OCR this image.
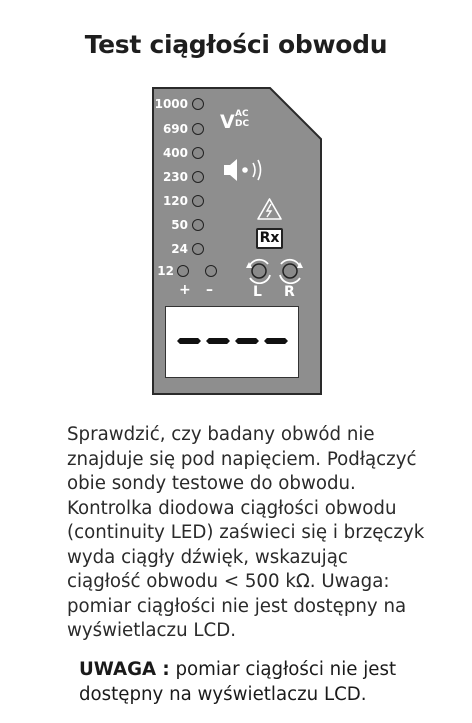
Test ciągłości obwodu
1000
690
400
230
120
50
24
12
+ –
V AC
DC
Rx
L R
Sprawdzić, czy badany obwód nie
znajduje się pod napięciem. Podłączyć
obie sondy testowe do obwodu.
Kontrolka diodowa ciągłości obwodu
(continuity LED) zaświeci się i brzęczyk
wyda ciągły dźwięk, wskazując
ciągłość obwodu < 500 kΩ. Uwaga:
pomiar ciągłości nie jest dostępny na
wyświetlaczu LCD.
UWAGA : pomiar ciągłości nie jest
dostępny na wyświetlaczu LCD.
